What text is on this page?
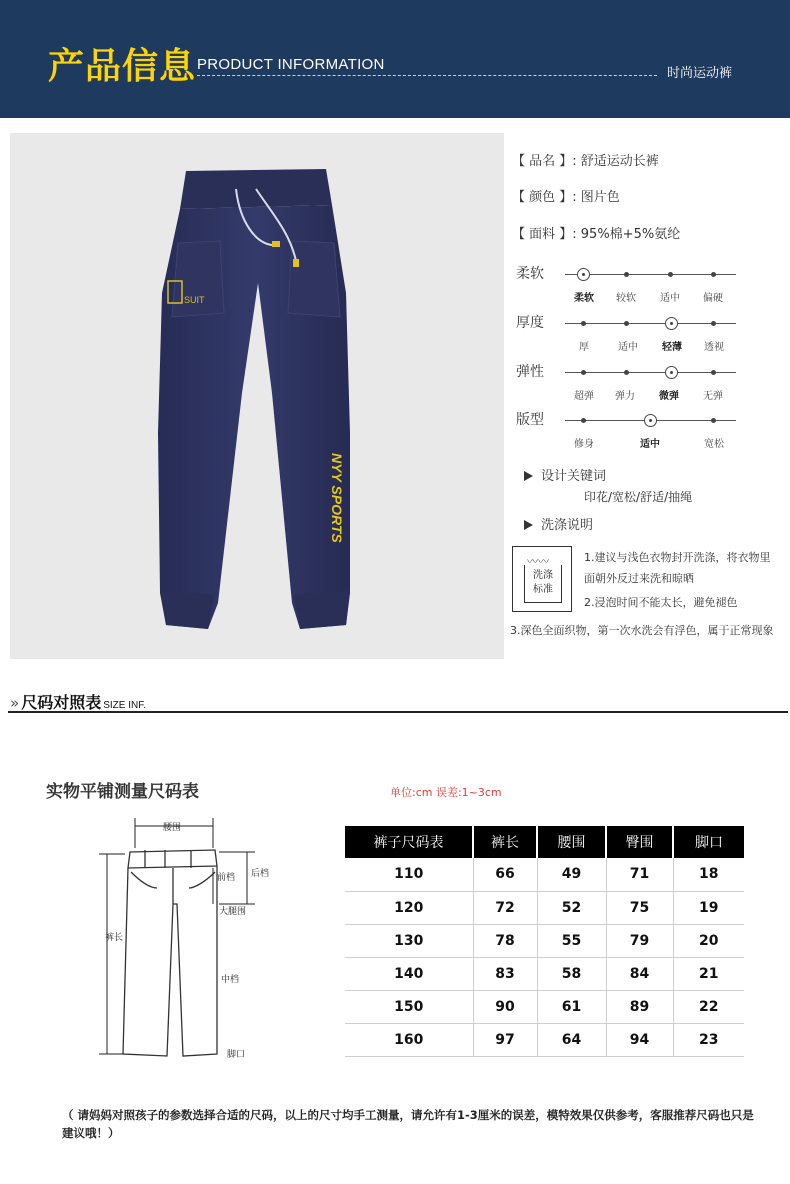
产品信息 PRODUCT INFORMATION
时尚运动裤
SUIT
NYY SPORTS
【 品名 】: 舒适运动长裤
【 颜色 】: 图片色
【 面料 】: 95%棉+5%氨纶
柔软
柔软 较软 适中 偏硬
厚度
厚	适中 轻薄 透视
弹性
超弹 弹力 微弹 无弹
版型
修身	适中	宽松
设计关键词
印花/宽松/舒适/抽绳
洗涤说明
〰〰
洗涤
标准
1.建议与浅色衣物封开洗涤，将衣物里
面朝外反过来洗和晾晒
2.浸泡时间不能太长，避免褪色
3.深色全面织物，第一次水洗会有浮色，属于正常现象
» 尺码对照表 SIZE INF.
实物平铺测量尺码表	单位:cm 误差:1~3cm
腰围
前档 后档
大腿围
裤长
中档
脚口
裤子尺码表	裤长	腰围	臀围	脚口
110	66	49	71	18
120	72	52	75	19
130	78	55	79	20
140	83	58	84	21
150	90	61	89	22
160	97	64	94	23
（ 请妈妈对照孩子的参数选择合适的尺码，以上的尺寸均手工测量，请允许有1-3厘米的误差，模特效果仅供参考，客服推荐尺码也只是建议哦！）
